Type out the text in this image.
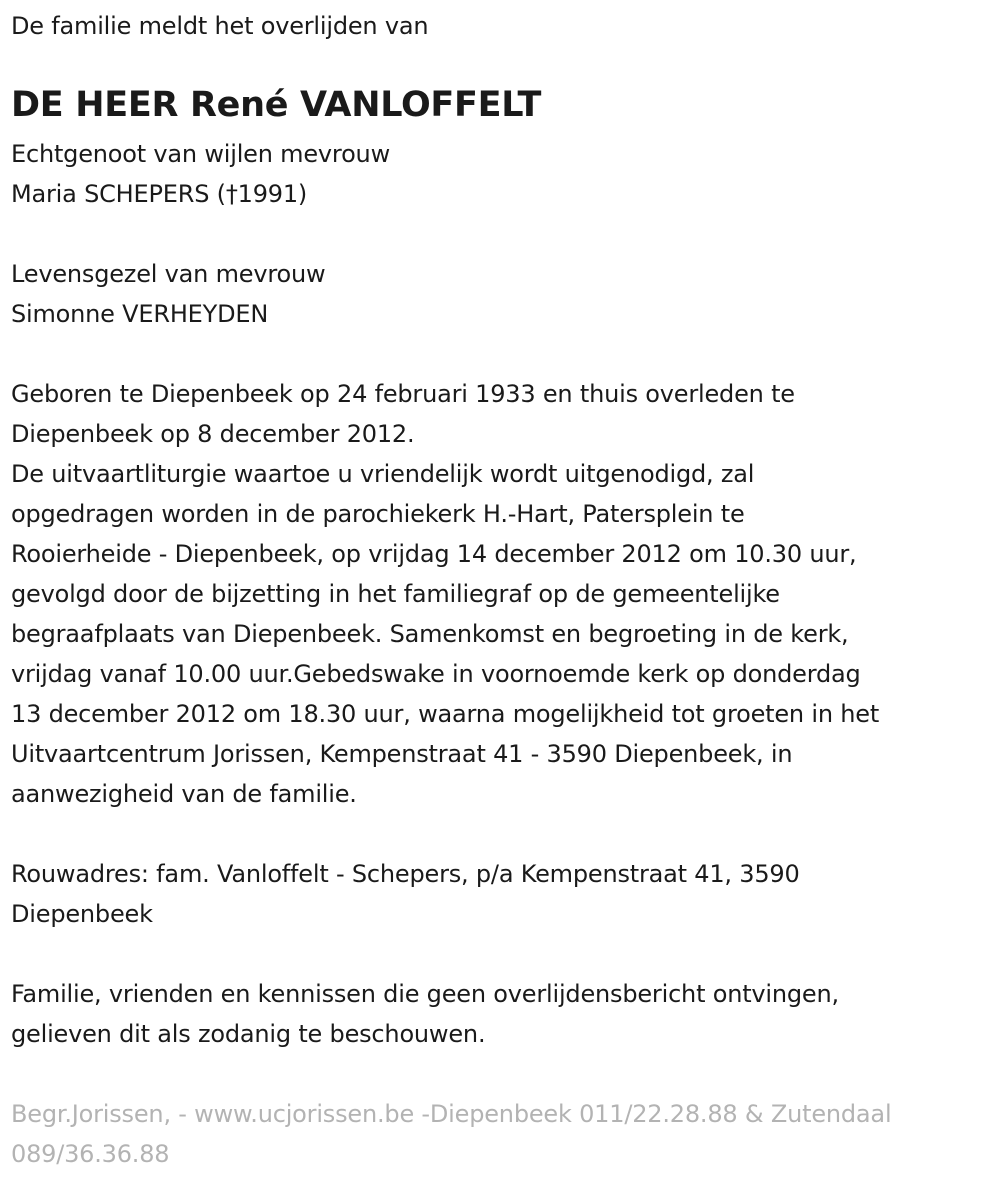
De familie meldt het overlijden van
DE HEER René VANLOFFELT
Echtgenoot van wijlen mevrouw
Maria SCHEPERS (†1991)
Levensgezel van mevrouw
Simonne VERHEYDEN
Geboren te Diepenbeek op 24 februari 1933 en thuis overleden te
Diepenbeek op 8 december 2012.
De uitvaartliturgie waartoe u vriendelijk wordt uitgenodigd, zal
opgedragen worden in de parochiekerk H.-Hart, Patersplein te
Rooierheide - Diepenbeek, op vrijdag 14 december 2012 om 10.30 uur,
gevolgd door de bijzetting in het familiegraf op de gemeentelijke
begraafplaats van Diepenbeek. Samenkomst en begroeting in de kerk,
vrijdag vanaf 10.00 uur.Gebedswake in voornoemde kerk op donderdag
13 december 2012 om 18.30 uur, waarna mogelijkheid tot groeten in het
Uitvaartcentrum Jorissen, Kempenstraat 41 - 3590 Diepenbeek, in
aanwezigheid van de familie.
Rouwadres: fam. Vanloffelt - Schepers, p/a Kempenstraat 41, 3590
Diepenbeek
Familie, vrienden en kennissen die geen overlijdensbericht ontvingen,
gelieven dit als zodanig te beschouwen.
Begr.Jorissen, - www.ucjorissen.be -Diepenbeek 011/22.28.88 & Zutendaal
089/36.36.88
